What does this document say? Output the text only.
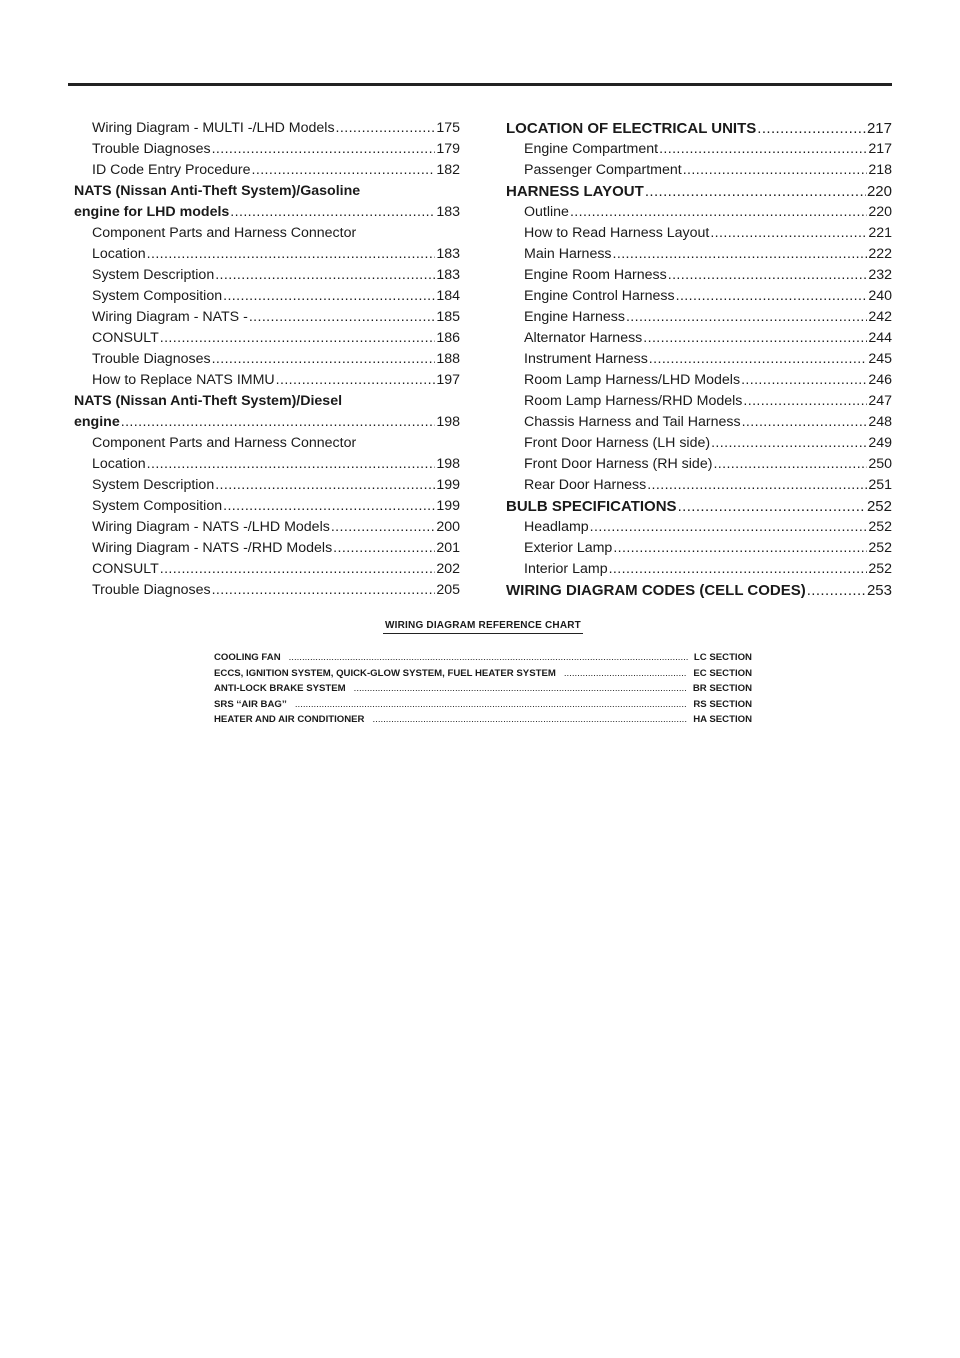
Wiring Diagram - MULTI -/LHD Models .....	175
Trouble Diagnoses .....	179
ID Code Entry Procedure .....	182
NATS (Nissan Anti-Theft System)/Gasoline
engine for LHD models .....	183
Component Parts and Harness Connector
Location .....	183
System Description .....	183
System Composition .....	184
Wiring Diagram - NATS - .....	185
CONSULT .....	186
Trouble Diagnoses .....	188
How to Replace NATS IMMU .....	197
NATS (Nissan Anti-Theft System)/Diesel
engine .....	198
Component Parts and Harness Connector
Location .....	198
System Description .....	199
System Composition .....	199
Wiring Diagram - NATS -/LHD Models .....	200
Wiring Diagram - NATS -/RHD Models .....	201
CONSULT .....	202
Trouble Diagnoses .....	205
LOCATION OF ELECTRICAL UNITS .....	217
Engine Compartment .....	217
Passenger Compartment .....	218
HARNESS LAYOUT .....	220
Outline .....	220
How to Read Harness Layout .....	221
Main Harness .....	222
Engine Room Harness .....	232
Engine Control Harness .....	240
Engine Harness .....	242
Alternator Harness .....	244
Instrument Harness .....	245
Room Lamp Harness/LHD Models .....	246
Room Lamp Harness/RHD Models .....	247
Chassis Harness and Tail Harness .....	248
Front Door Harness (LH side) .....	249
Front Door Harness (RH side) .....	250
Rear Door Harness .....	251
BULB SPECIFICATIONS .....	252
Headlamp .....	252
Exterior Lamp .....	252
Interior Lamp .....	252
WIRING DIAGRAM CODES (CELL CODES) .....	253
WIRING DIAGRAM REFERENCE CHART
COOLING FAN .....	LC SECTION
ECCS, IGNITION SYSTEM, QUICK-GLOW SYSTEM, FUEL HEATER SYSTEM .....	EC SECTION
ANTI-LOCK BRAKE SYSTEM .....	BR SECTION
SRS ‘‘AIR BAG’’ .....	RS SECTION
HEATER AND AIR CONDITIONER .....	HA SECTION
